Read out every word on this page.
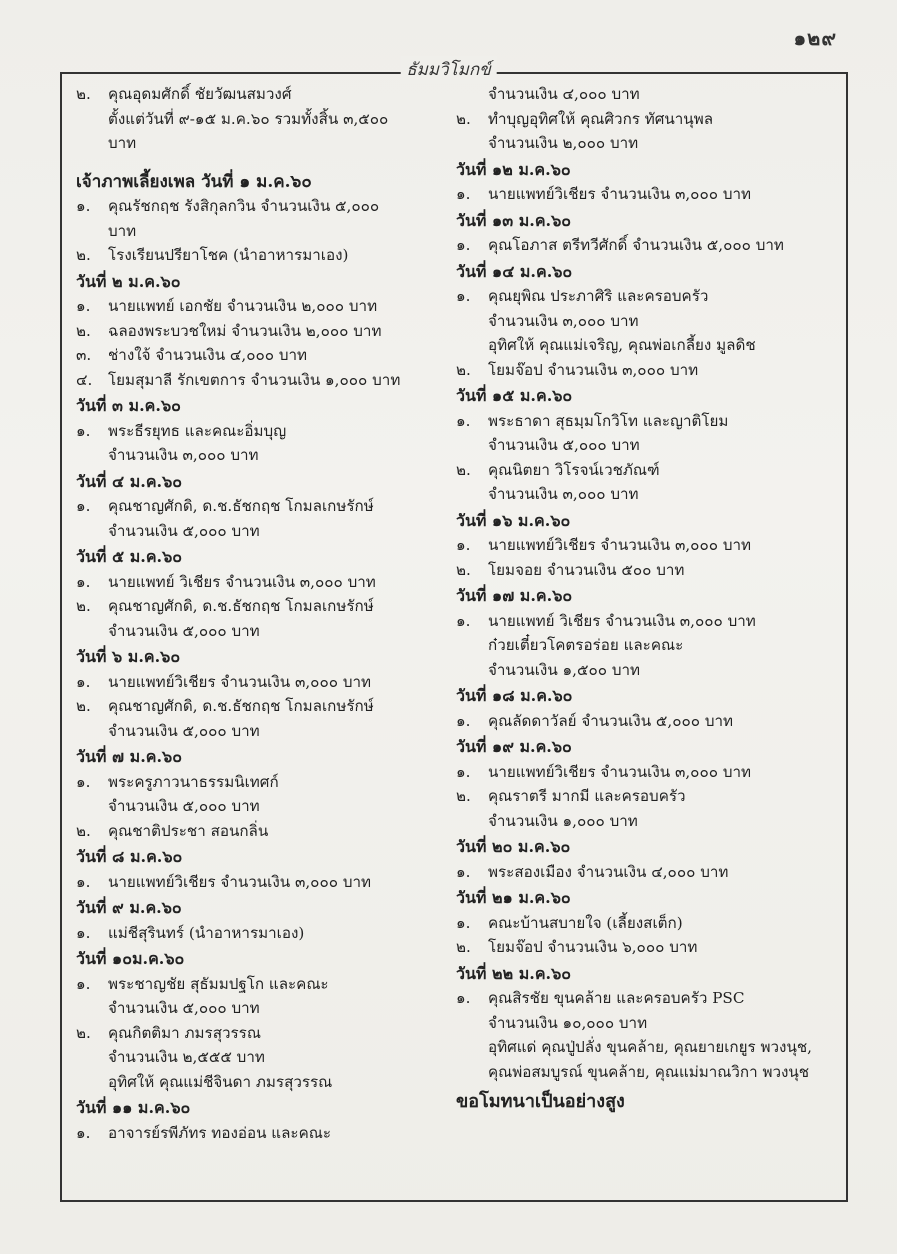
๑๒๙
ธัมมวิโมกข์
๒. คุณอุดมศักดิ์ ชัยวัฒนสมวงศ์
ตั้งแต่วันที่ ๙-๑๕ ม.ค.๖๐ รวมทั้งสิ้น ๓,๕๐๐
บาท
เจ้าภาพเลี้ยงเพล วันที่ ๑ ม.ค.๖๐
๑. คุณรัชกฤช รังสิกุลกวิน จำนวนเงิน ๕,๐๐๐
บาท
๒. โรงเรียนปรียาโชค (นำอาหารมาเอง)
วันที่ ๒ ม.ค.๖๐
๑. นายแพทย์ เอกชัย จำนวนเงิน ๒,๐๐๐ บาท
๒. ฉลองพระบวชใหม่ จำนวนเงิน ๒,๐๐๐ บาท
๓. ช่างใจ้ จำนวนเงิน ๔,๐๐๐ บาท
๔. โยมสุมาลี รักเขตการ จำนวนเงิน ๑,๐๐๐ บาท
วันที่ ๓ ม.ค.๖๐
๑. พระธีรยุทธ และคณะอิ่มบุญ
จำนวนเงิน ๓,๐๐๐ บาท
วันที่ ๔ ม.ค.๖๐
๑. คุณชาญศักดิ, ด.ช.ธัชกฤช โกมลเกษรักษ์
จำนวนเงิน ๕,๐๐๐ บาท
วันที่ ๕ ม.ค.๖๐
๑. นายแพทย์ วิเชียร จำนวนเงิน ๓,๐๐๐ บาท
๒. คุณชาญศักดิ, ด.ช.ธัชกฤช โกมลเกษรักษ์
จำนวนเงิน ๕,๐๐๐ บาท
วันที่ ๖ ม.ค.๖๐
๑. นายแพทย์วิเชียร จำนวนเงิน ๓,๐๐๐ บาท
๒. คุณชาญศักดิ, ด.ช.ธัชกฤช โกมลเกษรักษ์
จำนวนเงิน ๕,๐๐๐ บาท
วันที่ ๗ ม.ค.๖๐
๑. พระครูภาวนาธรรมนิเทศก์
จำนวนเงิน ๕,๐๐๐ บาท
๒. คุณชาติประชา สอนกลิ่น
วันที่ ๘ ม.ค.๖๐
๑. นายแพทย์วิเชียร จำนวนเงิน ๓,๐๐๐ บาท
วันที่ ๙ ม.ค.๖๐
๑. แม่ชีสุรินทร์ (นำอาหารมาเอง)
วันที่ ๑๐ม.ค.๖๐
๑. พระชาญชัย สุธัมมปฐโก และคณะ
จำนวนเงิน ๕,๐๐๐ บาท
๒. คุณกิตติมา ภมรสุวรรณ
จำนวนเงิน ๒,๕๕๕ บาท
อุทิศให้ คุณแม่ชีจินดา ภมรสุวรรณ
วันที่ ๑๑ ม.ค.๖๐
๑. อาจารย์รพีภัทร ทองอ่อน และคณะ
จำนวนเงิน ๔,๐๐๐ บาท
๒. ทำบุญอุทิศให้ คุณศิวกร ทัศนานุพล
จำนวนเงิน ๒,๐๐๐ บาท
วันที่ ๑๒ ม.ค.๖๐
๑. นายแพทย์วิเชียร จำนวนเงิน ๓,๐๐๐ บาท
วันที่ ๑๓ ม.ค.๖๐
๑. คุณโอภาส ตรีทวีศักดิ์ จำนวนเงิน ๕,๐๐๐ บาท
วันที่ ๑๔ ม.ค.๖๐
๑. คุณยุพิณ ประภาศิริ และครอบครัว
จำนวนเงิน ๓,๐๐๐ บาท
อุทิศให้ คุณแม่เจริญ, คุณพ่อเกลี้ยง มูลดิช
๒. โยมจ๊อป จำนวนเงิน ๓,๐๐๐ บาท
วันที่ ๑๕ ม.ค.๖๐
๑. พระธาดา สุธมฺมโกวิโท และญาติโยม
จำนวนเงิน ๕,๐๐๐ บาท
๒. คุณนิตยา วิโรจน์เวชภัณฑ์
จำนวนเงิน ๓,๐๐๐ บาท
วันที่ ๑๖ ม.ค.๖๐
๑. นายแพทย์วิเชียร จำนวนเงิน ๓,๐๐๐ บาท
๒. โยมจอย จำนวนเงิน ๕๐๐ บาท
วันที่ ๑๗ ม.ค.๖๐
๑. นายแพทย์ วิเชียร จำนวนเงิน ๓,๐๐๐ บาท
ก๋วยเตี๋ยวโคตรอร่อย และคณะ
จำนวนเงิน ๑,๕๐๐ บาท
วันที่ ๑๘ ม.ค.๖๐
๑. คุณลัดดาวัลย์ จำนวนเงิน ๕,๐๐๐ บาท
วันที่ ๑๙ ม.ค.๖๐
๑. นายแพทย์วิเชียร จำนวนเงิน ๓,๐๐๐ บาท
๒. คุณราตรี มากมี และครอบครัว
จำนวนเงิน ๑,๐๐๐ บาท
วันที่ ๒๐ ม.ค.๖๐
๑. พระสองเมือง จำนวนเงิน ๔,๐๐๐ บาท
วันที่ ๒๑ ม.ค.๖๐
๑. คณะบ้านสบายใจ (เลี้ยงสเต็ก)
๒. โยมจ๊อป จำนวนเงิน ๖,๐๐๐ บาท
วันที่ ๒๒ ม.ค.๖๐
๑. คุณสิรชัย ขุนคล้าย และครอบครัว PSC
จำนวนเงิน ๑๐,๐๐๐ บาท
อุทิศแด่ คุณปู่ปลั่ง ขุนคล้าย, คุณยายเกยูร พวงนุช,
คุณพ่อสมบูรณ์ ขุนคล้าย, คุณแม่มาณวิกา พวงนุช
ขอโมทนาเป็นอย่างสูง
